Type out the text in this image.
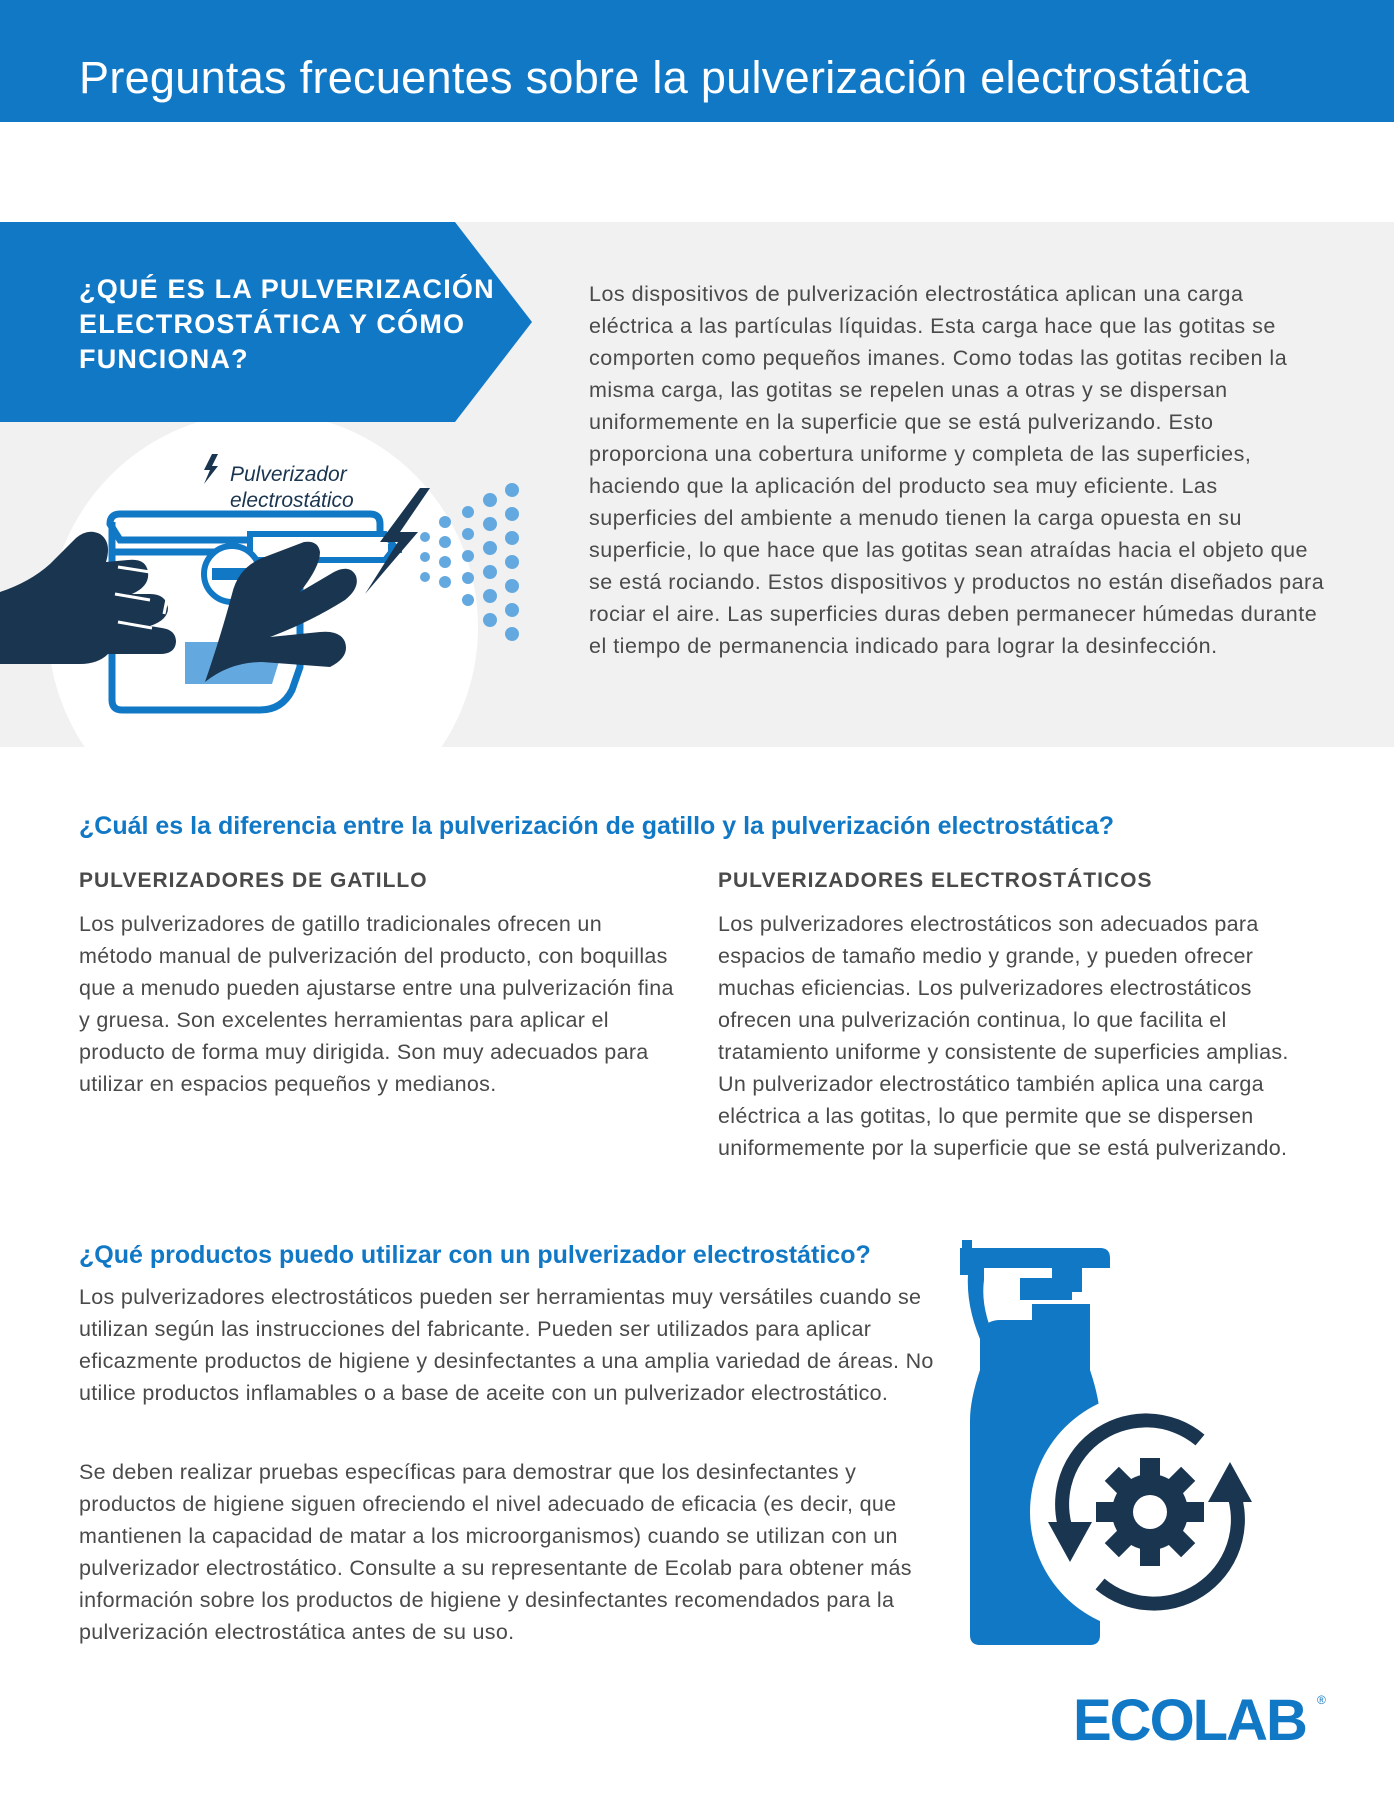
Preguntas frecuentes sobre la pulverización electrostática
¿QUÉ ES LA PULVERIZACIÓN
ELECTROSTÁTICA Y CÓMO
FUNCIONA?

Pulverizador
electrostático

Los dispositivos de pulverización electrostática aplican una carga eléctrica a las partículas líquidas. Esta carga hace que las gotitas se comporten como pequeños imanes. Como todas las gotitas reciben la misma carga, las gotitas se repelen unas a otras y se dispersan uniformemente en la superficie que se está pulverizando. Esto proporciona una cobertura uniforme y completa de las superficies, haciendo que la aplicación del producto sea muy eficiente. Las superficies del ambiente a menudo tienen la carga opuesta en su superficie, lo que hace que las gotitas sean atraídas hacia el objeto que se está rociando. Estos dispositivos y productos no están diseñados para rociar el aire. Las superficies duras deben permanecer húmedas durante el tiempo de permanencia indicado para lograr la desinfección.

¿Cuál es la diferencia entre la pulverización de gatillo y la pulverización electrostática?
PULVERIZADORES DE GATILLO

Los pulverizadores de gatillo tradicionales ofrecen un método manual de pulverización del producto, con boquillas que a menudo pueden ajustarse entre una pulverización fina y gruesa. Son excelentes herramientas para aplicar el producto de forma muy dirigida. Son muy adecuados para utilizar en espacios pequeños y medianos.

PULVERIZADORES ELECTROSTÁTICOS

Los pulverizadores electrostáticos son adecuados para espacios de tamaño medio y grande, y pueden ofrecer muchas eficiencias. Los pulverizadores electrostáticos ofrecen una pulverización continua, lo que facilita el tratamiento uniforme y consistente de superficies amplias. Un pulverizador electrostático también aplica una carga eléctrica a las gotitas, lo que permite que se dispersen uniformemente por la superficie que se está pulverizando.

¿Qué productos puedo utilizar con un pulverizador electrostático?

Los pulverizadores electrostáticos pueden ser herramientas muy versátiles cuando se utilizan según las instrucciones del fabricante. Pueden ser utilizados para aplicar eficazmente productos de higiene y desinfectantes a una amplia variedad de áreas. No utilice productos inflamables o a base de aceite con un pulverizador electrostático.

Se deben realizar pruebas específicas para demostrar que los desinfectantes y productos de higiene siguen ofreciendo el nivel adecuado de eficacia (es decir, que mantienen la capacidad de matar a los microorganismos) cuando se utilizan con un pulverizador electrostático. Consulte a su representante de Ecolab para obtener más información sobre los productos de higiene y desinfectantes recomendados para la pulverización electrostática antes de su uso.

ECOLAB ®
